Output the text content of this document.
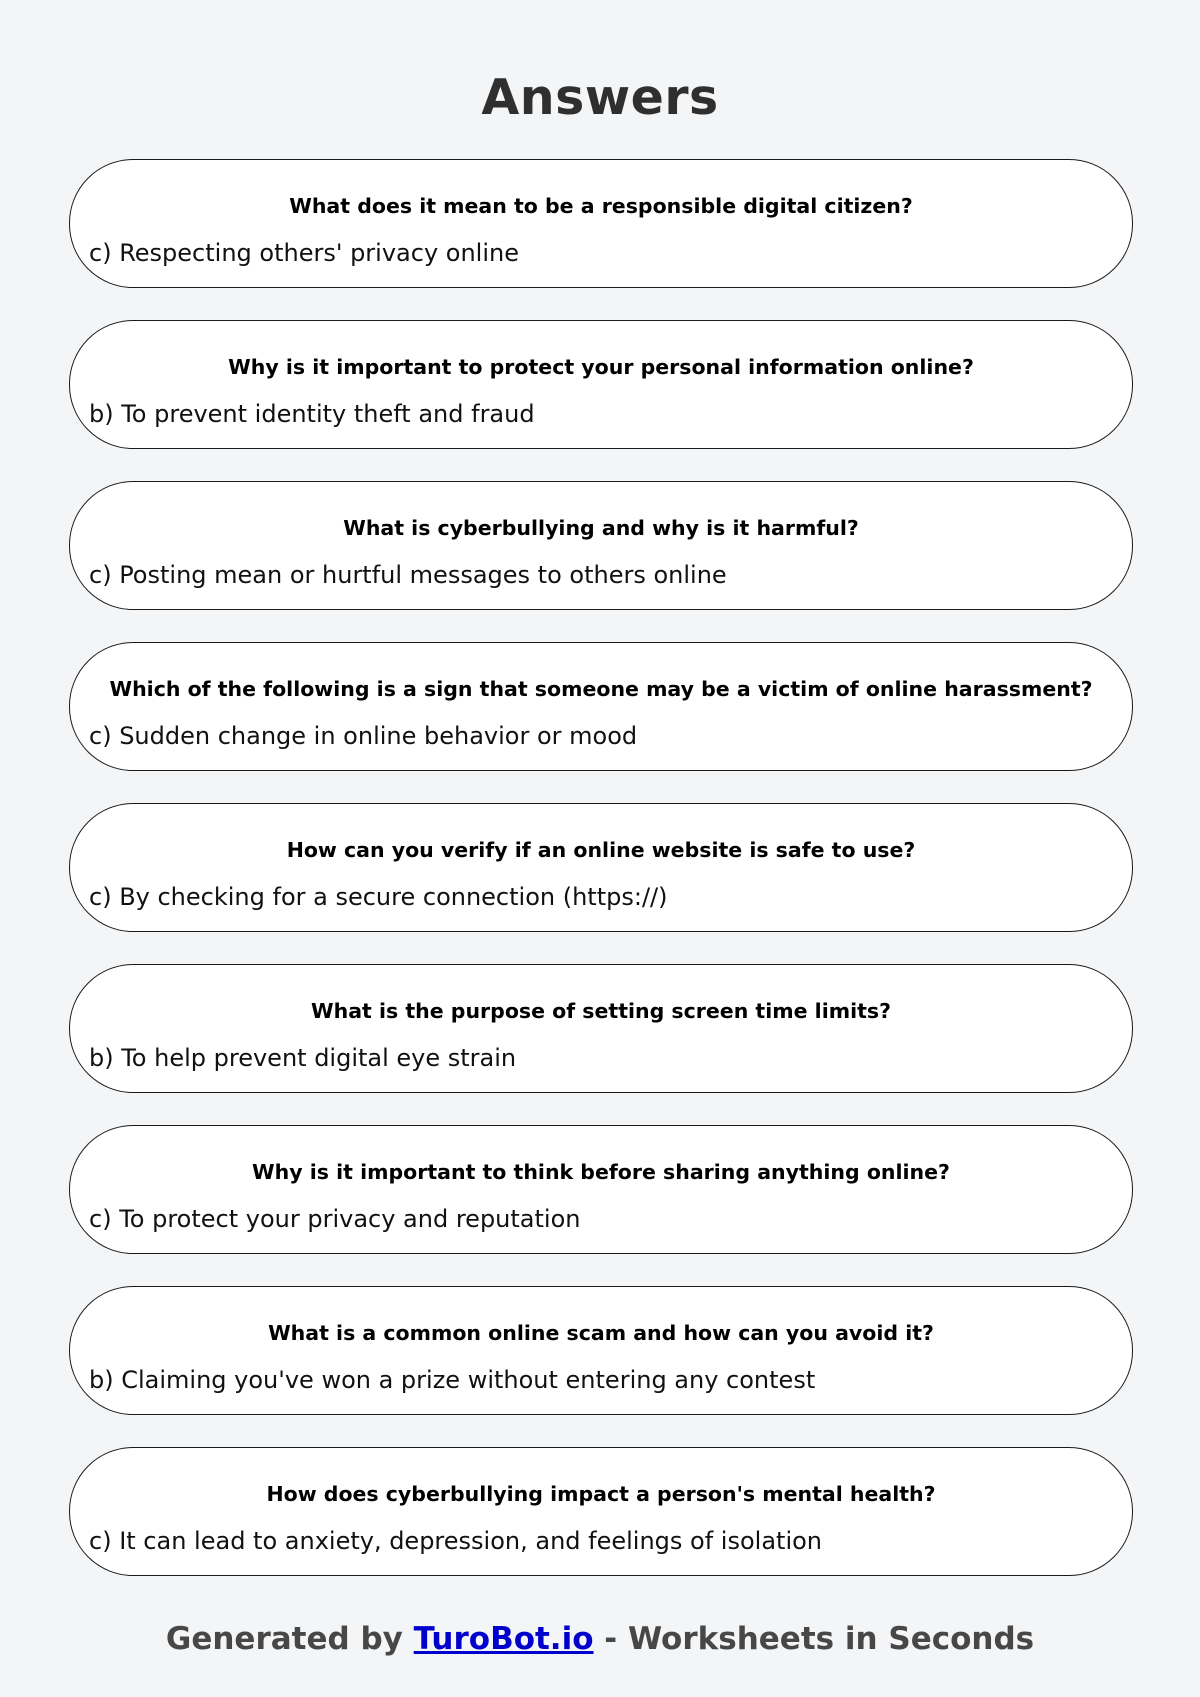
Answers
What does it mean to be a responsible digital citizen?
c) Respecting others' privacy online
Why is it important to protect your personal information online?
b) To prevent identity theft and fraud
What is cyberbullying and why is it harmful?
c) Posting mean or hurtful messages to others online
Which of the following is a sign that someone may be a victim of online harassment?
c) Sudden change in online behavior or mood
How can you verify if an online website is safe to use?
c) By checking for a secure connection (https://)
What is the purpose of setting screen time limits?
b) To help prevent digital eye strain
Why is it important to think before sharing anything online?
c) To protect your privacy and reputation
What is a common online scam and how can you avoid it?
b) Claiming you've won a prize without entering any contest
How does cyberbullying impact a person's mental health?
c) It can lead to anxiety, depression, and feelings of isolation
Generated by TuroBot.io - Worksheets in Seconds
